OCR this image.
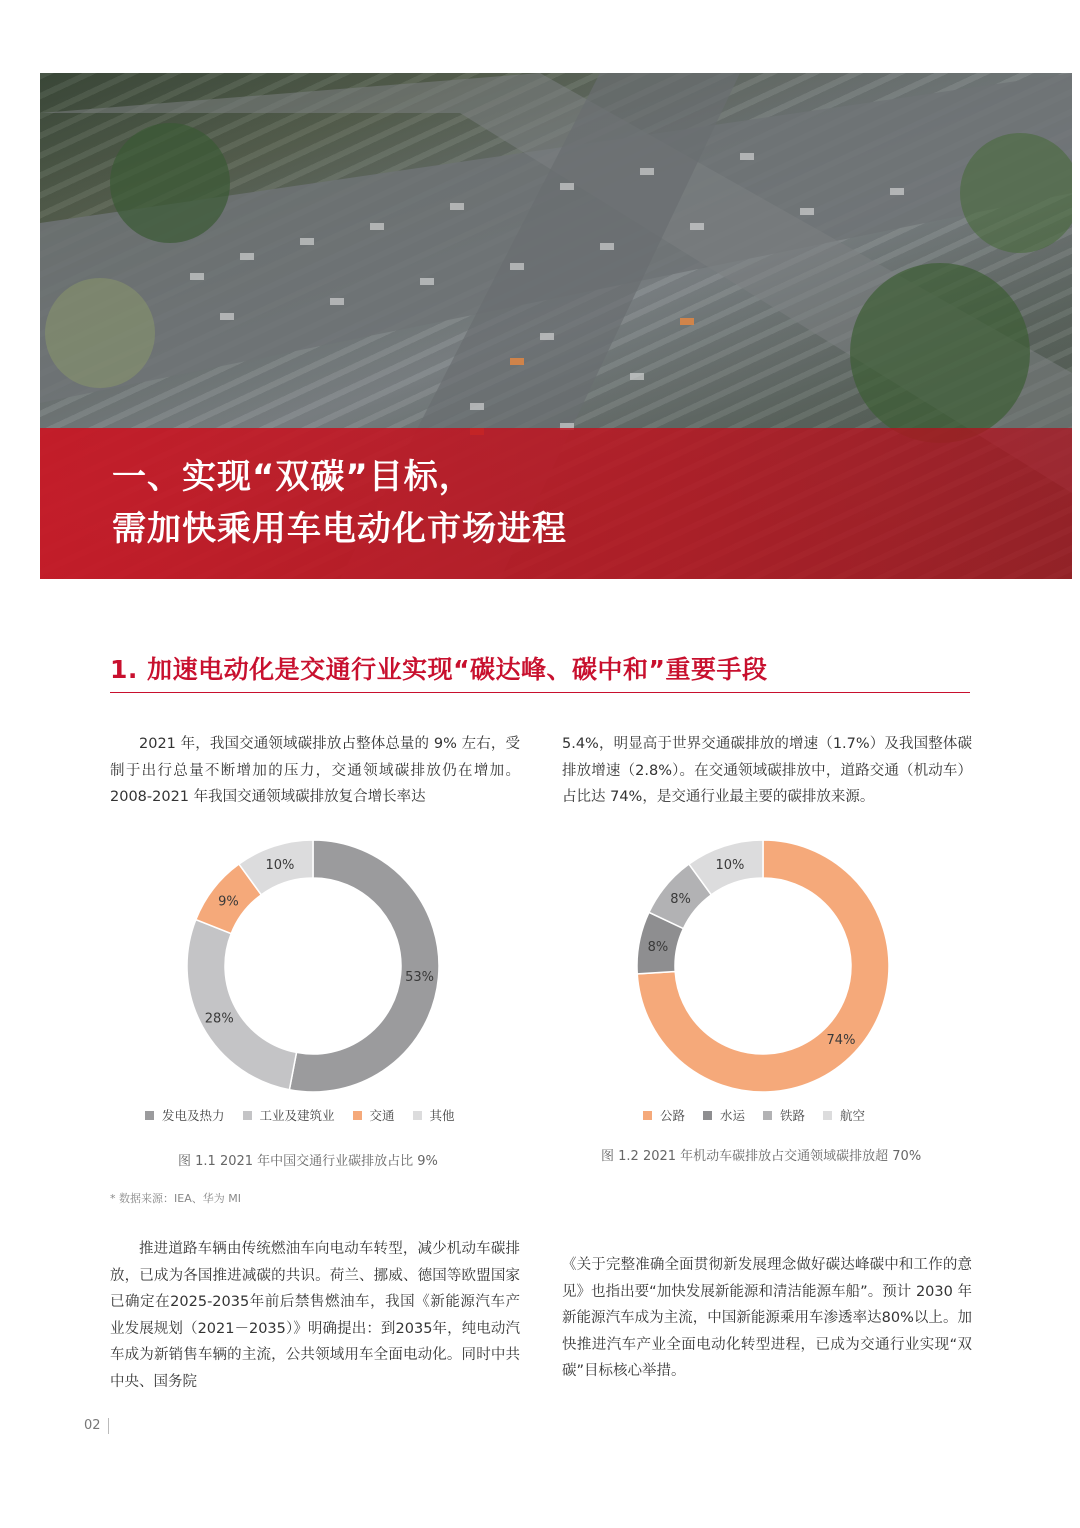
一、实现“双碳”目标，
需加快乘用车电动化市场进程
1. 加速电动化是交通行业实现“碳达峰、碳中和”重要手段

2021 年，我国交通领域碳排放占整体总量的 9% 左右，受制于出行总量不断增加的压力，交通领域碳排放仍在增加。2008-2021 年我国交通领域碳排放复合增长率达

5.4%，明显高于世界交通碳排放的增速（1.7%）及我国整体碳排放增速（2.8%）。在交通领域碳排放中，道路交通（机动车）占比达 74%，是交通行业最主要的碳排放来源。

53%
28%
9%
10%
74%
8%
8%
10%
发电及热力	工业及建筑业	交通	其他	公路	水运	铁路	航空

图 1.1 2021 年中国交通行业碳排放占比 9%	图 1.2 2021 年机动车碳排放占交通领域碳排放超 70%

* 数据来源：IEA、华为 MI

推进道路车辆由传统燃油车向电动车转型，减少机动车碳排放，已成为各国推进减碳的共识。荷兰、挪威、德国等欧盟国家已确定在2025-2035年前后禁售燃油车，我国《新能源汽车产业发展规划（2021－2035）》明确提出：到2035年，纯电动汽车成为新销售车辆的主流，公共领域用车全面电动化。同时中共中央、国务院

《关于完整准确全面贯彻新发展理念做好碳达峰碳中和工作的意见》也指出要“加快发展新能源和清洁能源车船”。预计 2030 年新能源汽车成为主流，中国新能源乘用车渗透率达80%以上。加快推进汽车产业全面电动化转型进程，已成为交通行业实现“双碳”目标核心举措。

02
